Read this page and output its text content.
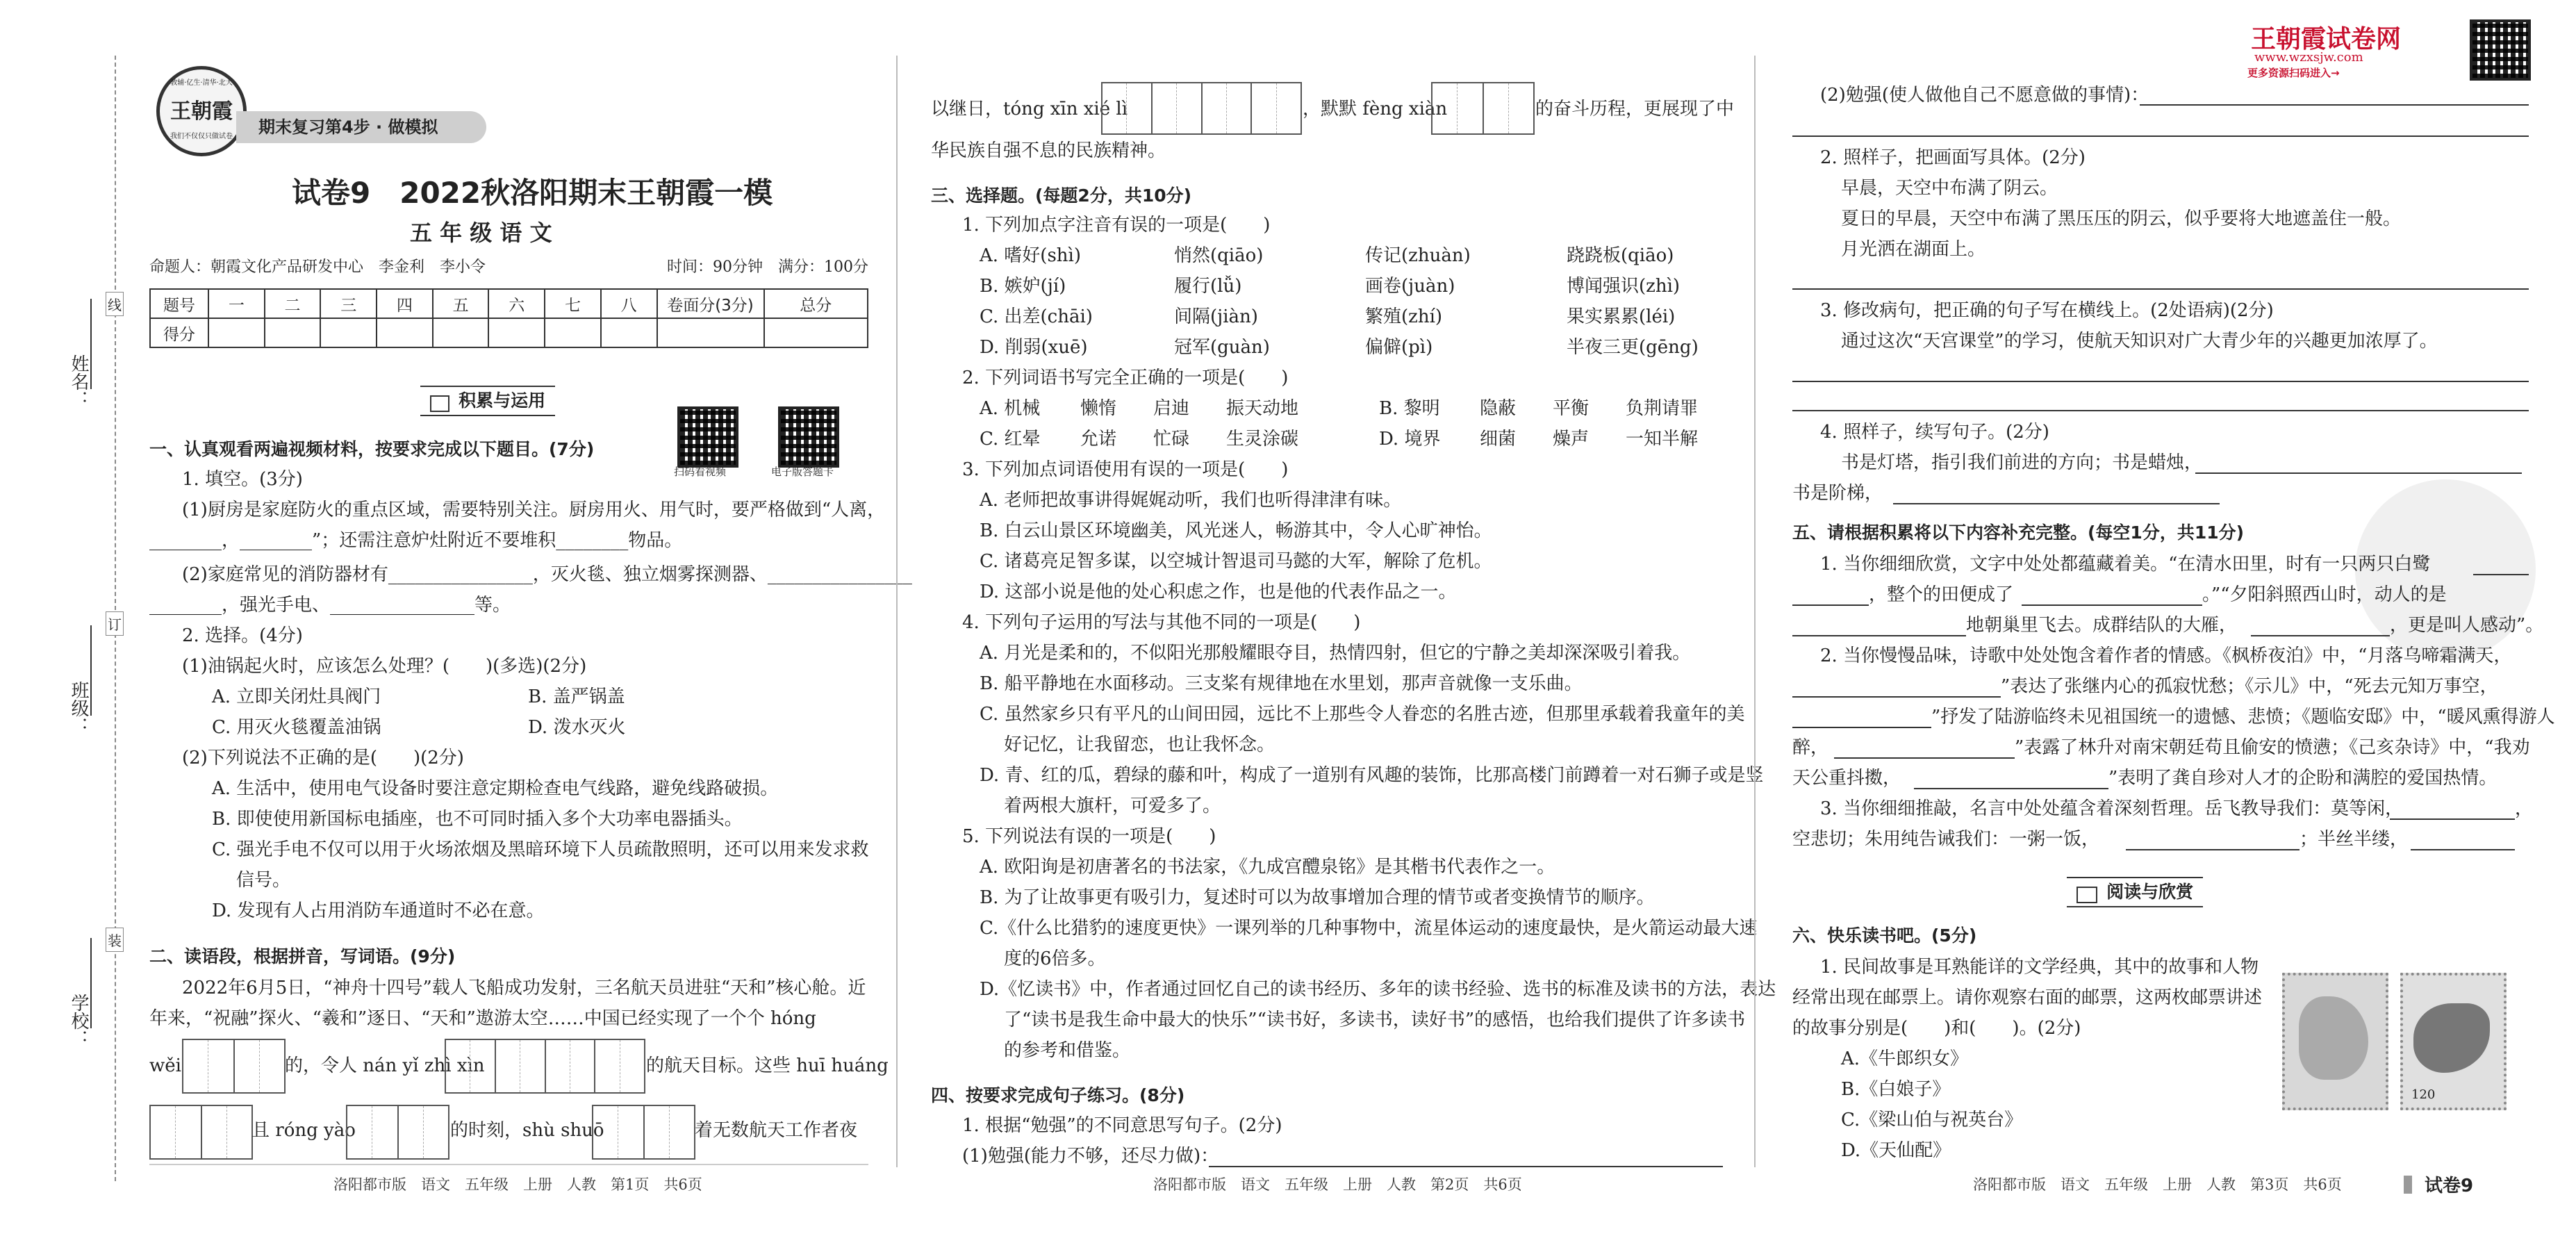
姓名：
班级：
学校：
线
订
装
教辅·亿生·清华·北大
王朝霞
我们不仅仅只做试卷	期末复习第4步 · 做模拟
试卷9　2022秋洛阳期末王朝霞一模
五 年 级 语 文
命题人：朝霞文化产品研发中心　李金利　李小令	时间：90分钟　满分：100分
题号	一	二	三	四	五	六	七	八	卷面分(3分)	总分
得分										
积累与运用
扫码看视频	电子版答题卡
一、认真观看两遍视频材料，按要求完成以下题目。(7分)
1. 填空。(3分)
(1)厨房是家庭防火的重点区域，需要特别关注。厨房用火、用气时，要严格做到“人离，
________，________”；还需注意炉灶附近不要堆积________物品。
(2)家庭常见的消防器材有________________，灭火毯、独立烟雾探测器、________________
________，强光手电、________________等。
2. 选择。(4分)
(1)油锅起火时，应该怎么处理？(　　)(多选)(2分)
A. 立即关闭灶具阀门	B. 盖严锅盖
C. 用灭火毯覆盖油锅	D. 泼水灭火
(2)下列说法不正确的是(　　)(2分)
A. 生活中，使用电气设备时要注意定期检查电气线路，避免线路破损。
B. 即使使用新国标电插座，也不可同时插入多个大功率电器插头。
C. 强光手电不仅可以用于火场浓烟及黑暗环境下人员疏散照明，还可以用来发求救
信号。
D. 发现有人占用消防车通道时不必在意。
二、读语段，根据拼音，写词语。(9分)
2022年6月5日，“神舟十四号”载人飞船成功发射，三名航天员进驻“天和”核心舱。近
年来，“祝融”探火、“羲和”逐日、“天和”遨游太空……中国已经实现了一个个 hóng
wěi	的，令人 nán yǐ zhì xìn	的航天目标。这些 huī huáng
且 róng yào	的时刻，shù shuō	着无数航天工作者夜
洛阳都市版　语文　五年级　上册　人教　第1页　共6页
以继日，tóng xīn xié lì	，默默 fèng xiàn	的奋斗历程，更展现了中
华民族自强不息的民族精神。
三、选择题。(每题2分，共10分)
1. 下列加点字注音有误的一项是(　　)
A. 嗜好(shì)	悄然(qiāo)	传记(zhuàn)	跷跷板(qiāo)
B. 嫉妒(jí)	履行(lǚ)	画卷(juàn)	博闻强识(zhì)
C. 出差(chāi)	间隔(jiàn)	繁殖(zhí)	果实累累(léi)
D. 削弱(xuē)	冠军(guàn)	偏僻(pì)	半夜三更(gēng)
2. 下列词语书写完全正确的一项是(　　)
A. 机械 懒惰 启迪 振天动地	B. 黎明 隐蔽 平衡 负荆请罪
C. 红晕 允诺 忙碌 生灵涂碳	D. 境界 细菌 燥声 一知半解
3. 下列加点词语使用有误的一项是(　　)
A. 老师把故事讲得娓娓动听，我们也听得津津有味。
B. 白云山景区环境幽美，风光迷人，畅游其中，令人心旷神怡。
C. 诸葛亮足智多谋，以空城计智退司马懿的大军，解除了危机。
D. 这部小说是他的处心积虑之作，也是他的代表作品之一。
4. 下列句子运用的写法与其他不同的一项是(　　)
A. 月光是柔和的，不似阳光那般耀眼夺目，热情四射，但它的宁静之美却深深吸引着我。
B. 船平静地在水面移动。三支桨有规律地在水里划，那声音就像一支乐曲。
C. 虽然家乡只有平凡的山间田园，远比不上那些令人眷恋的名胜古迹，但那里承载着我童年的美
好记忆，让我留恋，也让我怀念。
D. 青、红的瓜，碧绿的藤和叶，构成了一道别有风趣的装饰，比那高楼门前蹲着一对石狮子或是竖
着两根大旗杆，可爱多了。
5. 下列说法有误的一项是(　　)
A. 欧阳询是初唐著名的书法家，《九成宫醴泉铭》是其楷书代表作之一。
B. 为了让故事更有吸引力，复述时可以为故事增加合理的情节或者变换情节的顺序。
C.《什么比猎豹的速度更快》一课列举的几种事物中，流星体运动的速度最快，是火箭运动最大速
度的6倍多。
D.《忆读书》中，作者通过回忆自己的读书经历、多年的读书经验、选书的标准及读书的方法，表达
了“读书是我生命中最大的快乐”“读书好，多读书，读好书”的感悟，也给我们提供了许多读书
的参考和借鉴。
四、按要求完成句子练习。(8分)
1. 根据“勉强”的不同意思写句子。(2分)
(1)勉强(能力不够，还尽力做)：
洛阳都市版　语文　五年级　上册　人教　第2页　共6页
王朝霞试卷网
www.wzxsjw.com
更多资源扫码进入→
(2)勉强(使人做他自己不愿意做的事情)：
2. 照样子，把画面写具体。(2分)
早晨，天空中布满了阴云。
夏日的早晨，天空中布满了黑压压的阴云，似乎要将大地遮盖住一般。
月光洒在湖面上。
3. 修改病句，把正确的句子写在横线上。(2处语病)(2分)
通过这次“天宫课堂”的学习，使航天知识对广大青少年的兴趣更加浓厚了。
4. 照样子，续写句子。(2分)
书是灯塔，指引我们前进的方向；书是蜡烛，
书是阶梯，
五、请根据积累将以下内容补充完整。(每空1分，共11分)
1. 当你细细欣赏，文字中处处都蕴藏着美。“在清水田里，时有一只两只白鹭
，整个的田便成了	。”“夕阳斜照西山时，动人的是
地朝巢里飞去。成群结队的大雁，	，更是叫人感动”。
2. 当你慢慢品味，诗歌中处处饱含着作者的情感。《枫桥夜泊》中，“月落乌啼霜满天，
”表达了张继内心的孤寂忧愁；《示儿》中，“死去元知万事空，
”抒发了陆游临终未见祖国统一的遗憾、悲愤；《题临安邸》中，“暖风熏得游人
醉，	”表露了林升对南宋朝廷苟且偷安的愤懑；《己亥杂诗》中，“我劝
天公重抖擞，	”表明了龚自珍对人才的企盼和满腔的爱国热情。
3. 当你细细推敲，名言中处处蕴含着深刻哲理。岳飞教导我们：莫等闲，	，
空悲切；朱用纯告诫我们：一粥一饭，	；半丝半缕，
阅读与欣赏
六、快乐读书吧。(5分)
1. 民间故事是耳熟能详的文学经典，其中的故事和人物
经常出现在邮票上。请你观察右面的邮票，这两枚邮票讲述
的故事分别是(　　)和(　　)。(2分)
A.《牛郎织女》
B.《白娘子》
C.《梁山伯与祝英台》
D.《天仙配》
120
洛阳都市版　语文　五年级　上册　人教　第3页　共6页	试卷9
